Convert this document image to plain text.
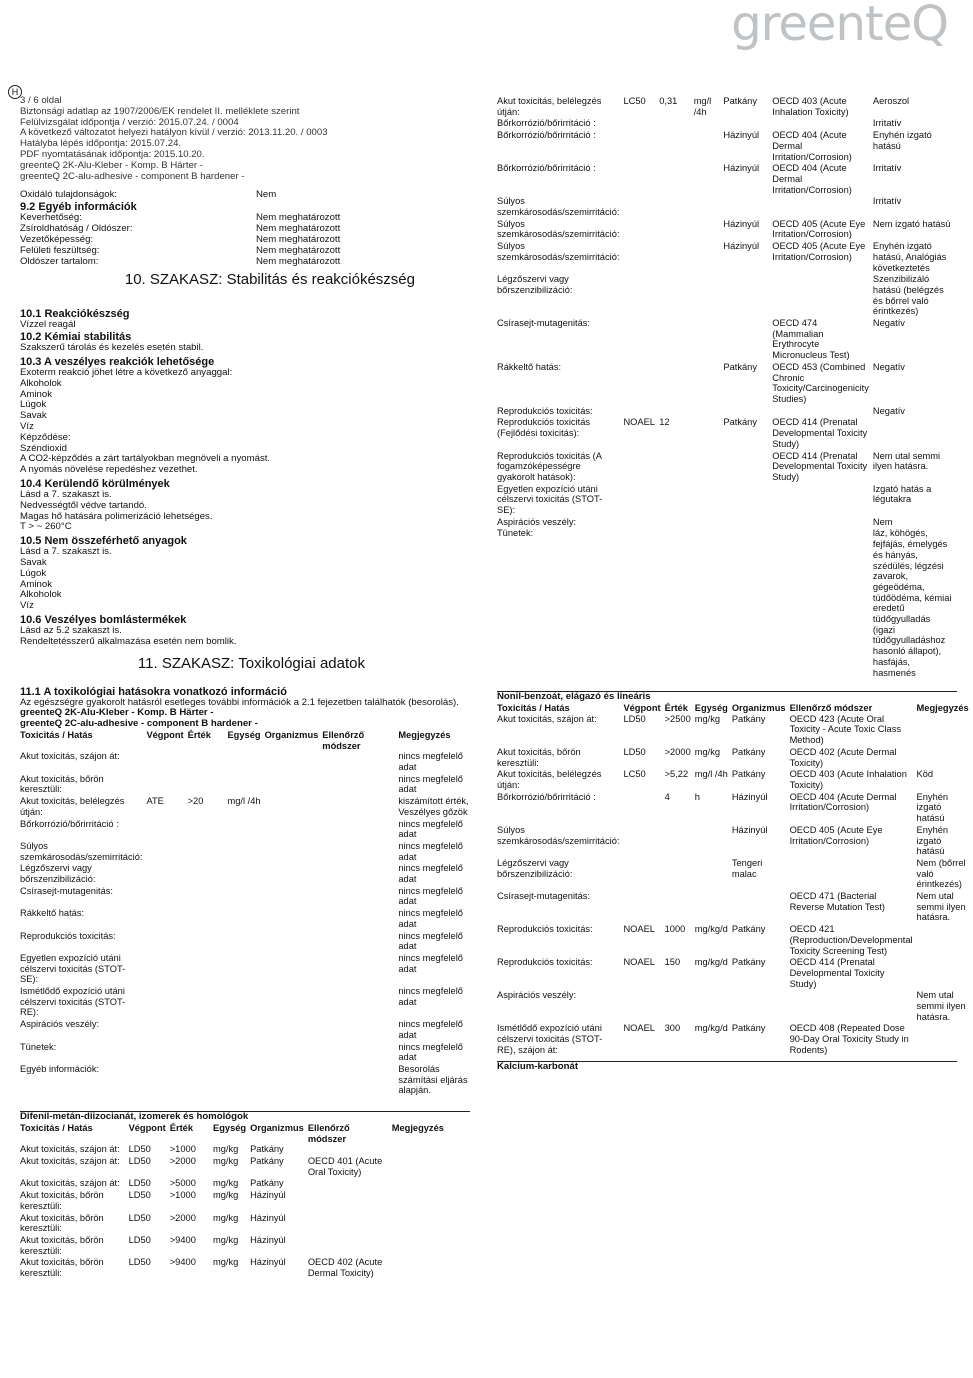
greenteQ
H
3 / 6 oldal
Biztonsági adatlap az 1907/2006/EK rendelet II. melléklete szerint
Felülvizsgálat időpontja / verzió: 2015.07.24. / 0004
A következő változatot helyezi hatályon kívül / verzió: 2013.11.20. / 0003
Hatályba lépés időpontja: 2015.07.24.
PDF nyomtatásának időpontja: 2015.10.20.
greenteQ 2K-Alu-Kleber - Komp. B Härter -
greenteQ 2C-alu-adhesive - component B hardener -
Oxidáló tulajdonságok:	Nem
9.2 Egyéb információk
Keverhetőség:	Nem meghatározott
Zsíroldhatóság / Oldószer:	Nem meghatározott
Vezetőképesség:	Nem meghatározott
Felületi feszültség:	Nem meghatározott
Oldószer tartalom:	Nem meghatározott
10. SZAKASZ: Stabilitás és reakciókészség
10.1 Reakciókészség
Vízzel reagál
10.2 Kémiai stabilitás
Szakszerű tárolás és kezelés esetén stabil.
10.3 A veszélyes reakciók lehetősége
Exoterm reakció jöhet létre a következő anyaggal:
Alkoholok
Aminok
Lúgok
Savak
Víz
Képződése:
Széndioxid
A CO2-képződés a zárt tartályokban megnöveli a nyomást.
A nyomás növelése repedéshez vezethet.
10.4 Kerülendő körülmények
Lásd a 7. szakaszt is.
Nedvességtől védve tartandó.
Magas hő hatására polimerizáció lehetséges.
T > ~ 260°C
10.5 Nem összeférhető anyagok
Lásd a 7. szakaszt is.
Savak
Lúgok
Aminok
Alkoholok
Víz
10.6 Veszélyes bomlástermékek
Lásd az 5.2 szakaszt is.
Rendeltetésszerű alkalmazása esetén nem bomlik.
11. SZAKASZ: Toxikológiai adatok
11.1 A toxikológiai hatásokra vonatkozó információ
Az egészségre gyakorolt hatásról esetleges további információk a 2.1 fejezetben találhatók (besorolás).
greenteQ 2K-Alu-Kleber - Komp. B Härter -
greenteQ 2C-alu-adhesive - component B hardener -
Toxicitás / Hatás	Végpont	Érték	Egység	Organizmus	Ellenőrző módszer	Megjegyzés
Akut toxicitás, szájon át:						nincs megfelelő adat
Akut toxicitás, bőrön keresztüli:						nincs megfelelő adat
Akut toxicitás, belélegzés útján:	ATE	>20	mg/l /4h			kiszámított érték, Veszélyes gőzök
Bőrkorrózió/bőrirritáció :						nincs megfelelő adat
Súlyos szemkárosodás/szemirritáció:						nincs megfelelő adat
Légzőszervi vagy bőrszenzibilizáció:						nincs megfelelő adat
Csírasejt-mutagenitás:						nincs megfelelő adat
Rákkeltő hatás:						nincs megfelelő adat
Reprodukciós toxicitás:						nincs megfelelő adat
Egyetlen expozíció utáni célszervi toxicitás (STOT-SE):						nincs megfelelő adat
Ismétlődő expozíció utáni célszervi toxicitás (STOT-RE):						nincs megfelelő adat
Aspirációs veszély:						nincs megfelelő adat
Tünetek:						nincs megfelelő adat
Egyéb információk:						Besorolás számítási eljárás alapján.
Difenil-metán-diizocianát, izomerek és homológok
Toxicitás / Hatás	Végpont	Érték	Egység	Organizmus	Ellenőrző módszer	Megjegyzés
Akut toxicitás, szájon át:	LD50	>1000	mg/kg	Patkány		
Akut toxicitás, szájon át:	LD50	>2000	mg/kg	Patkány	OECD 401 (Acute Oral Toxicity)	
Akut toxicitás, szájon át:	LD50	>5000	mg/kg	Patkány		
Akut toxicitás, bőrön keresztüli:	LD50	>1000	mg/kg	Házinyúl		
Akut toxicitás, bőrön keresztüli:	LD50	>2000	mg/kg	Házinyúl		
Akut toxicitás, bőrön keresztüli:	LD50	>9400	mg/kg	Házinyúl		
Akut toxicitás, bőrön keresztüli:	LD50	>9400	mg/kg	Házinyúl	OECD 402 (Acute Dermal Toxicity)	
Akut toxicitás, belélegzés útján:	LC50	0,31	mg/l /4h	Patkány	OECD 403 (Acute Inhalation Toxicity)	Aeroszol
Bőrkorrózió/bőrirritáció :						Irritatív
Bőrkorrózió/bőrirritáció :				Házinyúl	OECD 404 (Acute Dermal Irritation/Corrosion)	Enyhén izgató hatású
Bőrkorrózió/bőrirritáció :				Házinyúl	OECD 404 (Acute Dermal Irritation/Corrosion)	Irritatív
Súlyos szemkárosodás/szemirritáció:						Irritatív
Súlyos szemkárosodás/szemirritáció:				Házinyúl	OECD 405 (Acute Eye Irritation/Corrosion)	Nem izgató hatású
Súlyos szemkárosodás/szemirritáció:				Házinyúl	OECD 405 (Acute Eye Irritation/Corrosion)	Enyhén izgató hatású, Analógiás következtetés
Légzőszervi vagy bőrszenzibilizáció:						Szenzibilizáló hatású (belégzés és bőrrel való érintkezés)
Csírasejt-mutagenitás:					OECD 474 (Mammalian Erythrocyte Micronucleus Test)	Negatív
Rákkeltő hatás:				Patkány	OECD 453 (Combined Chronic Toxicity/Carcinogenicity Studies)	Negatív
Reprodukciós toxicitás:						Negatív
Reprodukciós toxicitás (Fejlődési toxicitás):	NOAEL	12		Patkány	OECD 414 (Prenatal Developmental Toxicity Study)	
Reprodukciós toxicitás (A fogamzóképességre gyakorolt hatások):					OECD 414 (Prenatal Developmental Toxicity Study)	Nem utal semmi ilyen hatásra.
Egyetlen expozíció utáni célszervi toxicitás (STOT-SE):						Izgató hatás a légutakra
Aspirációs veszély:						Nem
Tünetek:						láz, köhögés, fejfájás, émelygés és hányás, szédülés, légzési zavarok, gégeödéma, tüdőödéma, kémiai eredetű tüdőgyulladás (igazi tüdőgyulladáshoz hasonló állapot), hasfájás, hasmenés
Nonil-benzoát, elágazó és lineáris
Toxicitás / Hatás	Végpont	Érték	Egység	Organizmus	Ellenőrző módszer	Megjegyzés
Akut toxicitás, szájon át:	LD50	>2500	mg/kg	Patkány	OECD 423 (Acute Oral Toxicity - Acute Toxic Class Method)	
Akut toxicitás, bőrön keresztüli:	LD50	>2000	mg/kg	Patkány	OECD 402 (Acute Dermal Toxicity)	
Akut toxicitás, belélegzés útján:	LC50	>5,22	mg/l /4h	Patkány	OECD 403 (Acute Inhalation Toxicity)	Köd
Bőrkorrózió/bőrirritáció :		4	h	Házinyúl	OECD 404 (Acute Dermal Irritation/Corrosion)	Enyhén izgató hatású
Súlyos szemkárosodás/szemirritáció:				Házinyúl	OECD 405 (Acute Eye Irritation/Corrosion)	Enyhén izgató hatású
Légzőszervi vagy bőrszenzibilizáció:				Tengeri malac		Nem (bőrrel való érintkezés)
Csírasejt-mutagenitás:					OECD 471 (Bacterial Reverse Mutation Test)	Nem utal semmi ilyen hatásra.
Reprodukciós toxicitás:	NOAEL	1000	mg/kg/d	Patkány	OECD 421 (Reproduction/Developmental Toxicity Screening Test)	
Reprodukciós toxicitás:	NOAEL	150	mg/kg/d	Patkány	OECD 414 (Prenatal Developmental Toxicity Study)	
Aspirációs veszély:						Nem utal semmi ilyen hatásra.
Ismétlődő expozíció utáni célszervi toxicitás (STOT-RE), szájon át:	NOAEL	300	mg/kg/d	Patkány	OECD 408 (Repeated Dose 90-Day Oral Toxicity Study in Rodents)	
Kalcium-karbonát
